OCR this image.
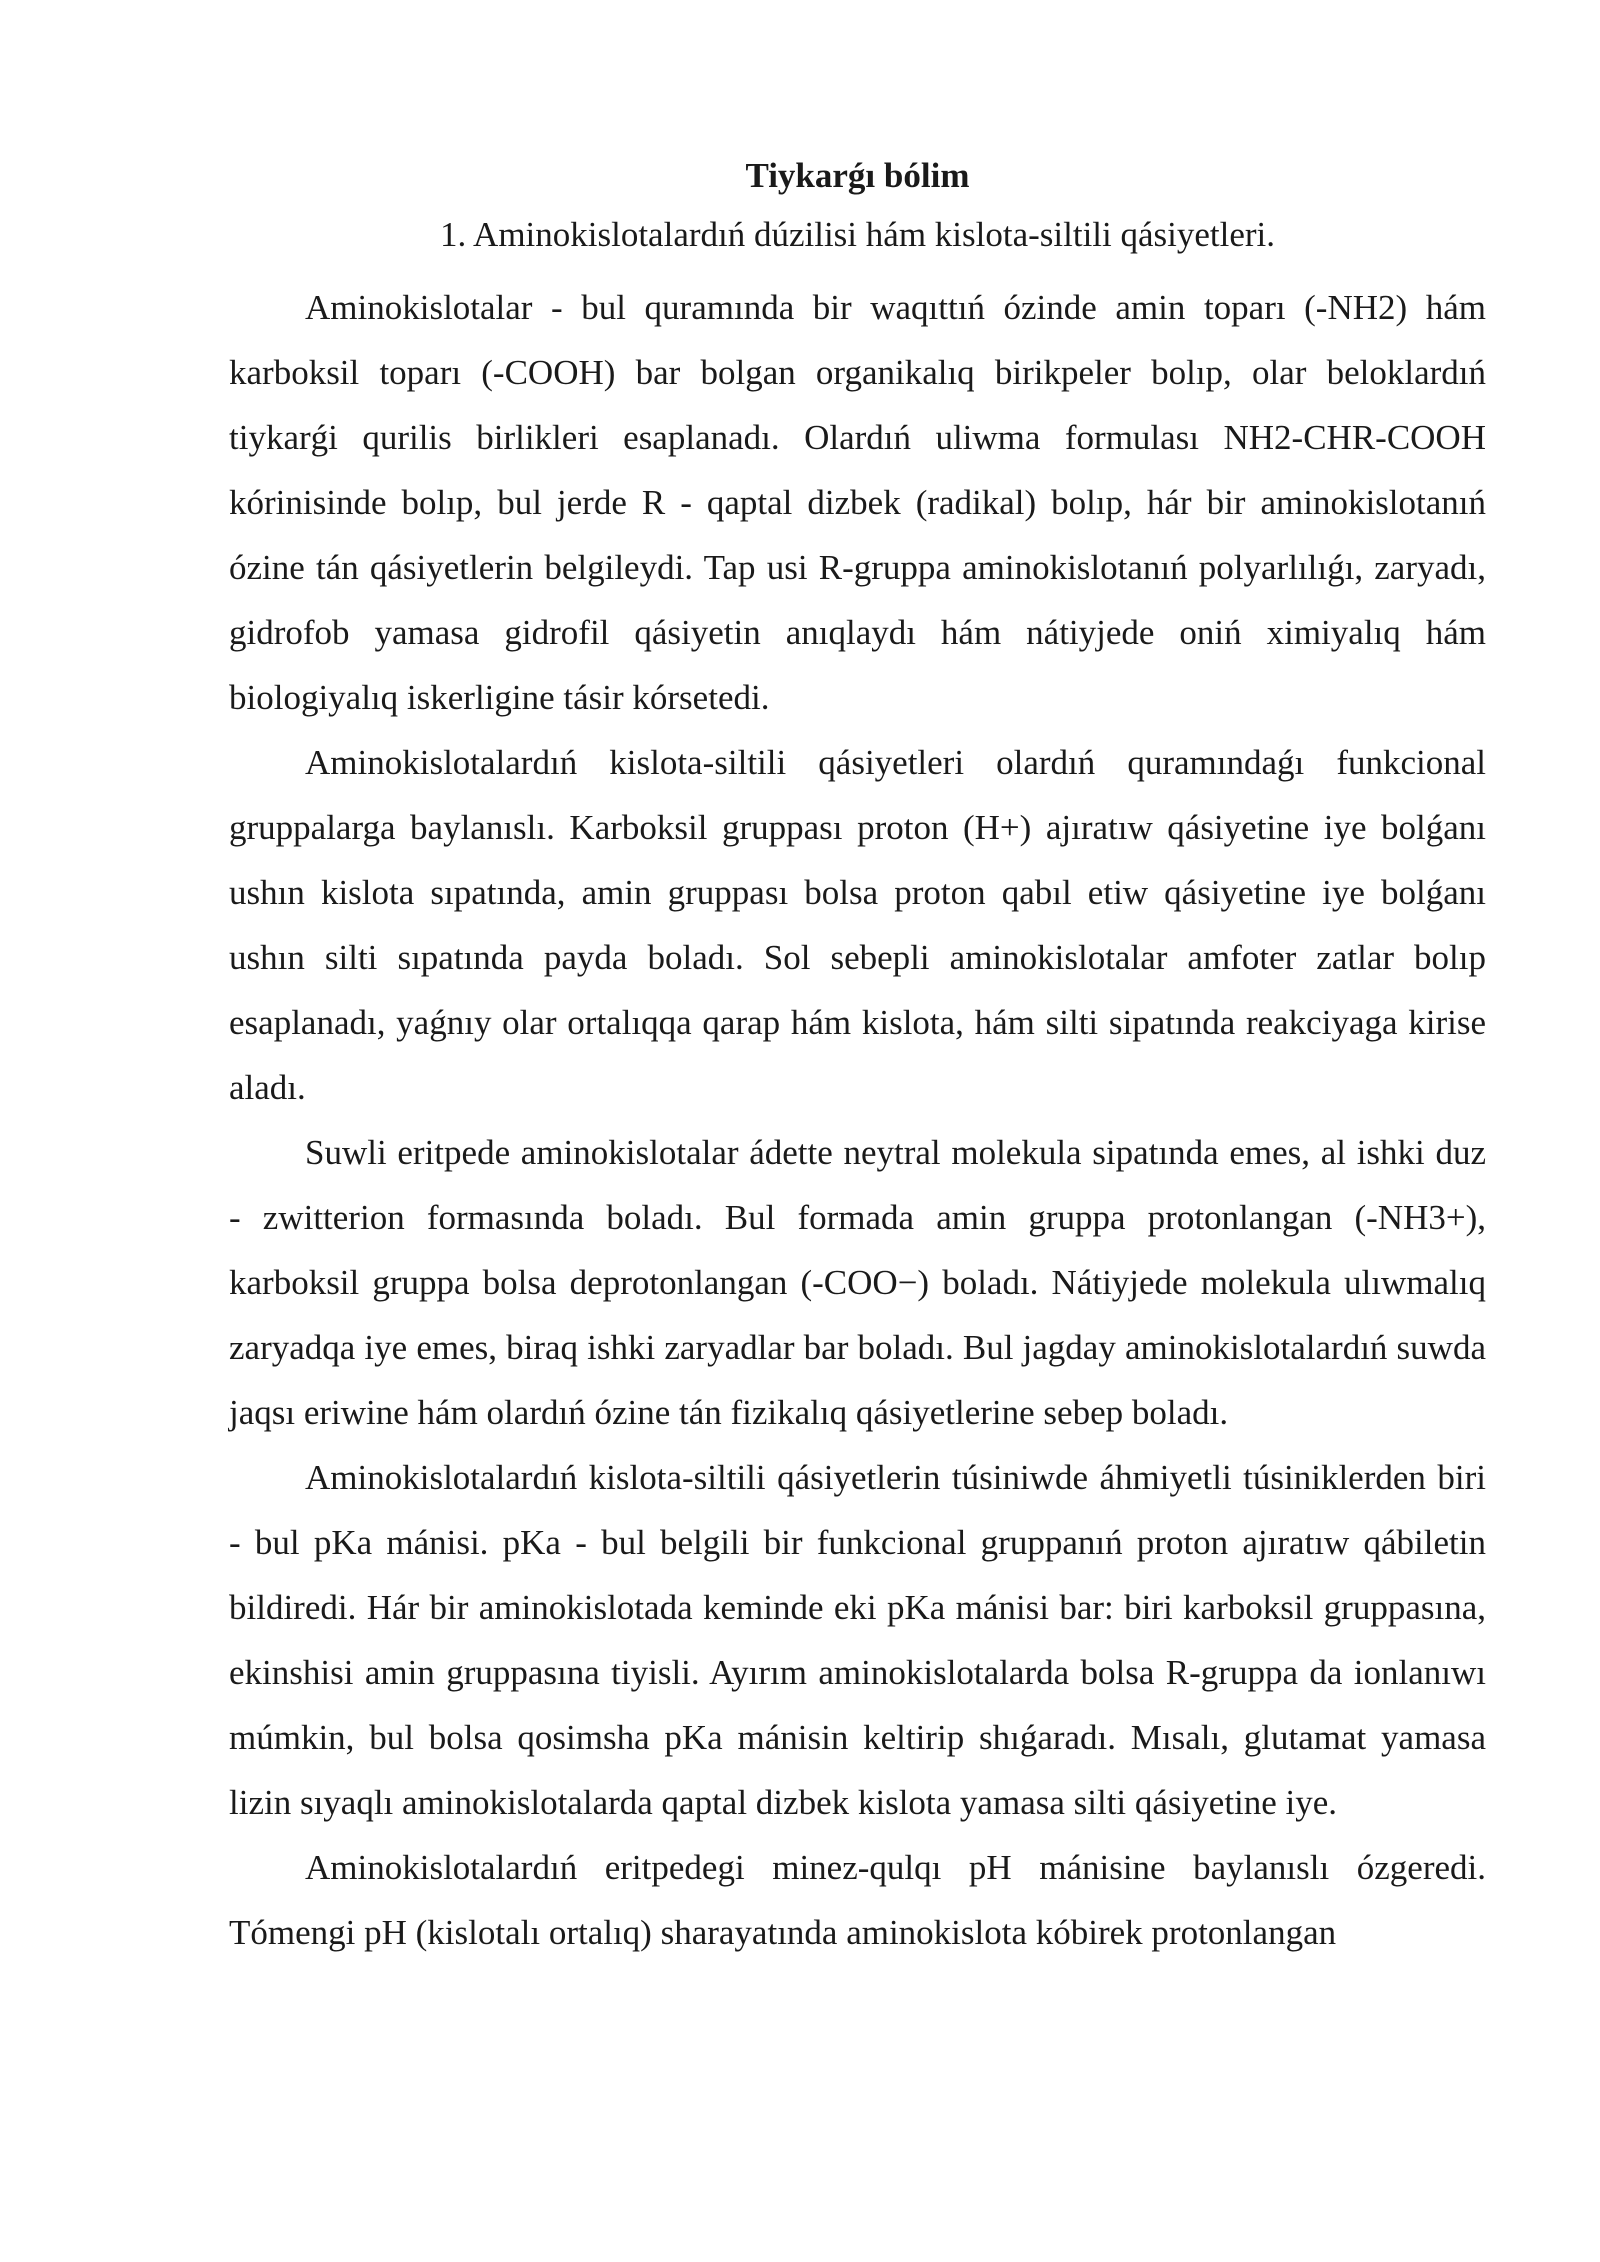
Tiykarǵı bólim
1. Aminokislotalardıń dúzilisi hám kislota-siltili qásiyetleri.

Aminokislotalar - bul quramında bir waqıttıń ózinde amin toparı (-NH2) hám karboksil toparı (-COOH) bar bolgan organikalıq birikpeler bolıp, olar beloklardıń tiykarǵi qurilis birlikleri esaplanadı. Olardıń uliwma formulası NH2-CHR-COOH kórinisinde bolıp, bul jerde R - qaptal dizbek (radikal) bolıp, hár bir aminokislotanıń ózine tán qásiyetlerin belgileydi. Tap usi R-gruppa aminokislotanıń polyarlılıǵı, zaryadı, gidrofob yamasa gidrofil qásiyetin anıqlaydı hám nátiyjede oniń ximiyalıq hám biologiyalıq iskerligine tásir kórsetedi.

Aminokislotalardıń kislota-siltili qásiyetleri olardıń quramındaǵı funkcional gruppalarga baylanıslı. Karboksil gruppası proton (H+) ajıratıw qásiyetine iye bolǵanı ushın kislota sıpatında, amin gruppası bolsa proton qabıl etiw qásiyetine iye bolǵanı ushın silti sıpatında payda boladı. Sol sebepli aminokislotalar amfoter zatlar bolıp esaplanadı, yaǵnıy olar ortalıqqa qarap hám kislota, hám silti sipatında reakciyaga kirise aladı.

Suwli eritpede aminokislotalar ádette neytral molekula sipatında emes, al ishki duz - zwitterion formasında boladı. Bul formada amin gruppa protonlangan (-NH3+), karboksil gruppa bolsa deprotonlangan (-COO−) boladı. Nátiyjede molekula ulıwmalıq zaryadqa iye emes, biraq ishki zaryadlar bar boladı. Bul jagday aminokislotalardıń suwda jaqsı eriwine hám olardıń ózine tán fizikalıq qásiyetlerine sebep boladı.

Aminokislotalardıń kislota-siltili qásiyetlerin túsiniwde áhmiyetli túsiniklerden biri - bul pKa mánisi. pKa - bul belgili bir funkcional gruppanıń proton ajıratıw qábiletin bildiredi. Hár bir aminokislotada keminde eki pKa mánisi bar: biri karboksil gruppasına, ekinshisi amin gruppasına tiyisli. Ayırım aminokislotalarda bolsa R-gruppa da ionlanıwı múmkin, bul bolsa qosimsha pKa mánisin keltirip shıǵaradı. Mısalı, glutamat yamasa lizin sıyaqlı aminokislotalarda qaptal dizbek kislota yamasa silti qásiyetine iye.

Aminokislotalardıń eritpedegi minez-qulqı pH mánisine baylanıslı ózgeredi. Tómengi pH (kislotalı ortalıq) sharayatında aminokislota kóbirek protonlangan
